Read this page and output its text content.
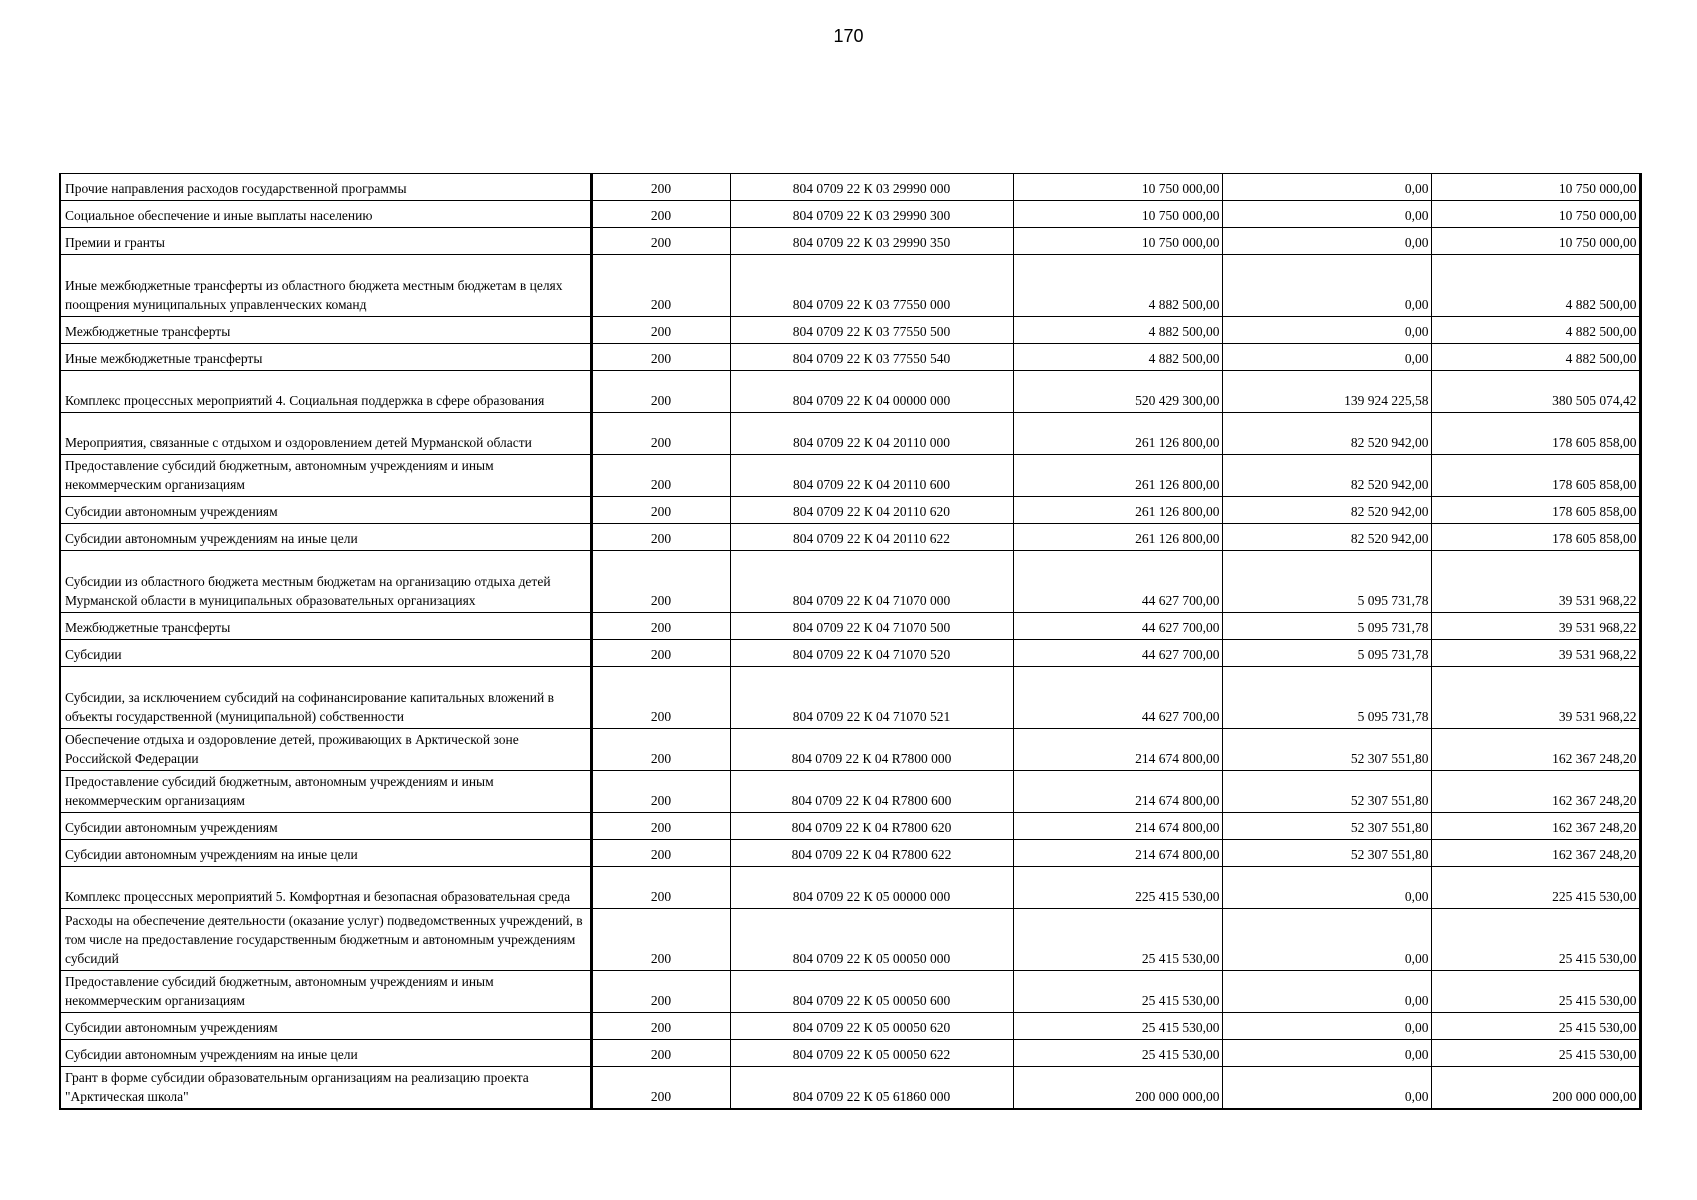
170
Прочие направления расходов государственной программы	200	804 0709 22 К 03 29990 000	10 750 000,00	0,00	10 750 000,00
Социальное обеспечение и иные выплаты населению	200	804 0709 22 К 03 29990 300	10 750 000,00	0,00	10 750 000,00
Премии и гранты	200	804 0709 22 К 03 29990 350	10 750 000,00	0,00	10 750 000,00
Иные межбюджетные трансферты из областного бюджета местным бюджетам в целях поощрения муниципальных управленческих команд	200	804 0709 22 К 03 77550 000	4 882 500,00	0,00	4 882 500,00
Межбюджетные трансферты	200	804 0709 22 К 03 77550 500	4 882 500,00	0,00	4 882 500,00
Иные межбюджетные трансферты	200	804 0709 22 К 03 77550 540	4 882 500,00	0,00	4 882 500,00
Комплекс процессных мероприятий 4. Социальная поддержка в сфере образования	200	804 0709 22 К 04 00000 000	520 429 300,00	139 924 225,58	380 505 074,42
Мероприятия, связанные с отдыхом и оздоровлением детей Мурманской области	200	804 0709 22 К 04 20110 000	261 126 800,00	82 520 942,00	178 605 858,00
Предоставление субсидий бюджетным, автономным учреждениям и иным некоммерческим организациям	200	804 0709 22 К 04 20110 600	261 126 800,00	82 520 942,00	178 605 858,00
Субсидии автономным учреждениям	200	804 0709 22 К 04 20110 620	261 126 800,00	82 520 942,00	178 605 858,00
Субсидии автономным учреждениям на иные цели	200	804 0709 22 К 04 20110 622	261 126 800,00	82 520 942,00	178 605 858,00
Субсидии из областного бюджета местным бюджетам на организацию отдыха детей Мурманской области в муниципальных образовательных организациях	200	804 0709 22 К 04 71070 000	44 627 700,00	5 095 731,78	39 531 968,22
Межбюджетные трансферты	200	804 0709 22 К 04 71070 500	44 627 700,00	5 095 731,78	39 531 968,22
Субсидии	200	804 0709 22 К 04 71070 520	44 627 700,00	5 095 731,78	39 531 968,22
Субсидии, за исключением субсидий на софинансирование капитальных вложений в объекты государственной (муниципальной) собственности	200	804 0709 22 К 04 71070 521	44 627 700,00	5 095 731,78	39 531 968,22
Обеспечение отдыха и оздоровление детей, проживающих в Арктической зоне Российской Федерации	200	804 0709 22 К 04 R7800 000	214 674 800,00	52 307 551,80	162 367 248,20
Предоставление субсидий бюджетным, автономным учреждениям и иным некоммерческим организациям	200	804 0709 22 К 04 R7800 600	214 674 800,00	52 307 551,80	162 367 248,20
Субсидии автономным учреждениям	200	804 0709 22 К 04 R7800 620	214 674 800,00	52 307 551,80	162 367 248,20
Субсидии автономным учреждениям на иные цели	200	804 0709 22 К 04 R7800 622	214 674 800,00	52 307 551,80	162 367 248,20
Комплекс процессных мероприятий 5. Комфортная и безопасная образовательная среда	200	804 0709 22 К 05 00000 000	225 415 530,00	0,00	225 415 530,00
Расходы на обеспечение деятельности (оказание услуг) подведомственных учреждений, в том числе на предоставление государственным бюджетным и автономным учреждениям субсидий	200	804 0709 22 К 05 00050 000	25 415 530,00	0,00	25 415 530,00
Предоставление субсидий бюджетным, автономным учреждениям и иным некоммерческим организациям	200	804 0709 22 К 05 00050 600	25 415 530,00	0,00	25 415 530,00
Субсидии автономным учреждениям	200	804 0709 22 К 05 00050 620	25 415 530,00	0,00	25 415 530,00
Субсидии автономным учреждениям на иные цели	200	804 0709 22 К 05 00050 622	25 415 530,00	0,00	25 415 530,00
Грант в форме субсидии образовательным организациям на реализацию проекта "Арктическая школа"	200	804 0709 22 К 05 61860 000	200 000 000,00	0,00	200 000 000,00
